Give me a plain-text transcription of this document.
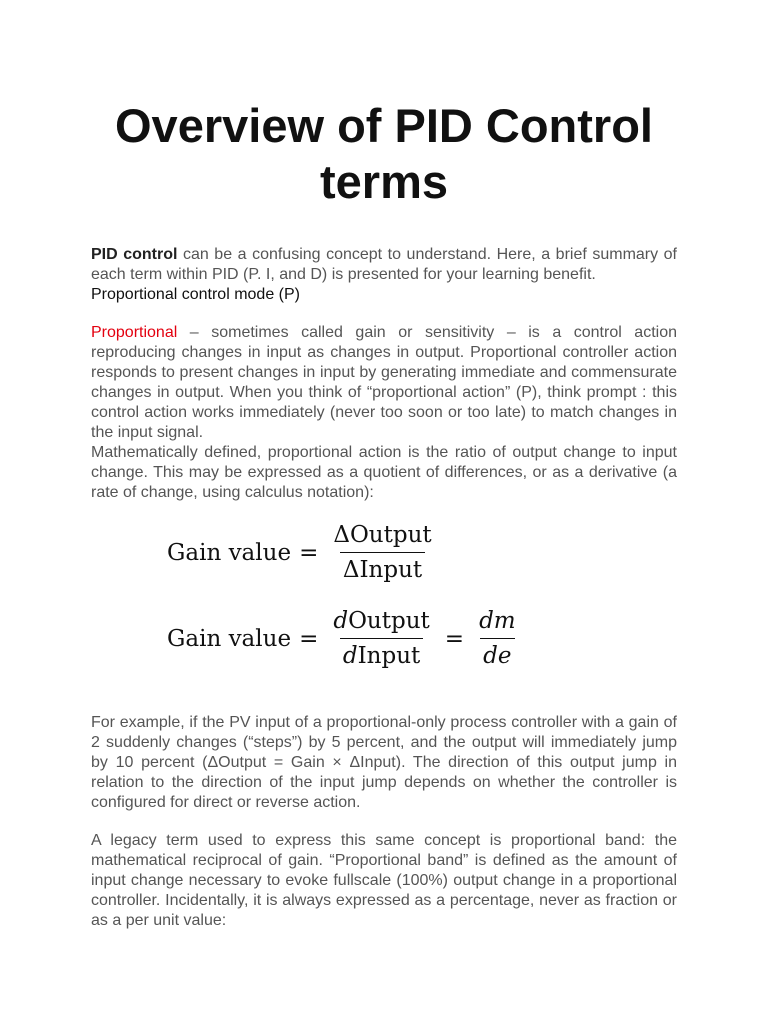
Overview of PID Control terms

PID control can be a confusing concept to understand. Here, a brief summary of each term within PID (P. I, and D) is presented for your learning benefit.

Proportional control mode (P)

Proportional – sometimes called gain or sensitivity – is a control action reproducing changes in input as changes in output. Proportional controller action responds to present changes in input by generating immediate and commensurate changes in output. When you think of “proportional action” (P), think prompt : this control action works immediately (never too soon or too late) to match changes in the input signal.

Mathematically defined, proportional action is the ratio of output change to input change. This may be expressed as a quotient of differences, or as a derivative (a rate of change, using calculus notation):

Gain value = $\frac{\text{ΔOutput}}{\text{ΔInput}}$
Gain value = $\frac{\text{dOutput}}{\text{dInput}} = \frac{dm}{de}$

For example, if the PV input of a proportional-only process controller with a gain of 2 suddenly changes (“steps”) by 5 percent, and the output will immediately jump by 10 percent (ΔOutput = Gain × ΔInput). The direction of this output jump in relation to the direction of the input jump depends on whether the controller is configured for direct or reverse action.

A legacy term used to express this same concept is proportional band: the mathematical reciprocal of gain. “Proportional band” is defined as the amount of input change necessary to evoke fullscale (100%) output change in a proportional controller. Incidentally, it is always expressed as a percentage, never as fraction or as a per unit value:
